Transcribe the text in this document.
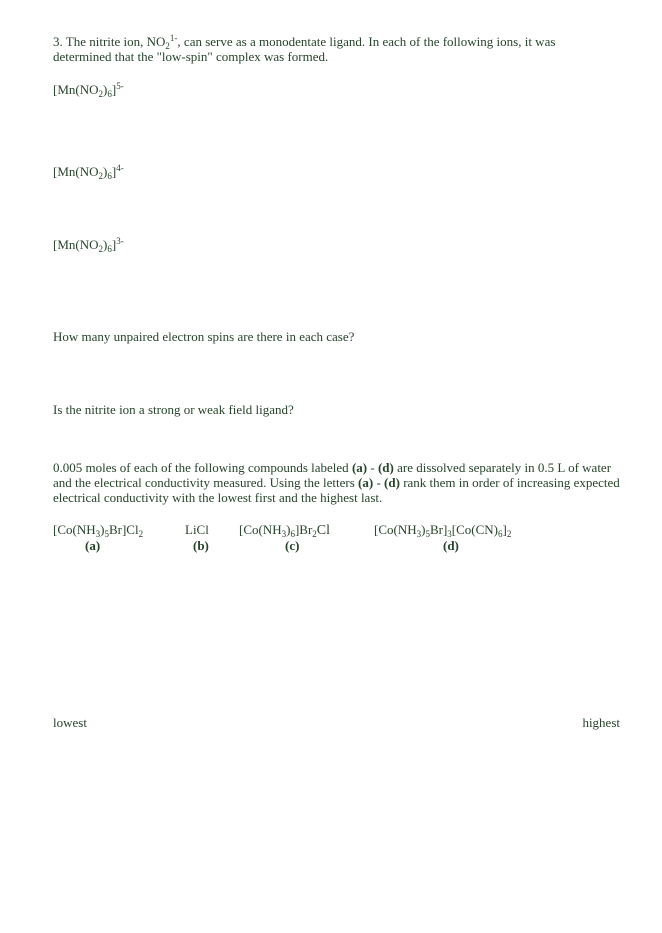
3. The nitrite ion, $NO_2^{1-}$, can serve as a monodentate ligand. In each of the following ions, it was determined that the "low-spin" complex was formed.
$[Mn(NO_2)_6]^{5-}$
$[Mn(NO_2)_6]^{4-}$
$[Mn(NO_2)_6]^{3-}$
How many unpaired electron spins are there in each case?
Is the nitrite ion a strong or weak field ligand?
0.005 moles of each of the following compounds labeled (a) - (d) are dissolved separately in 0.5 L of water and the electrical conductivity measured. Using the letters (a) - (d) rank them in order of increasing expected electrical conductivity with the lowest first and the highest last.
$[Co(NH_3)_5Br]Cl_2$
(a)
LiCl
(b)
$[Co(NH_3)_6]Br_2Cl$
(c)
$[Co(NH_3)_5Br]_3[Co(CN)_6]_2$
(d)
lowest	highest
